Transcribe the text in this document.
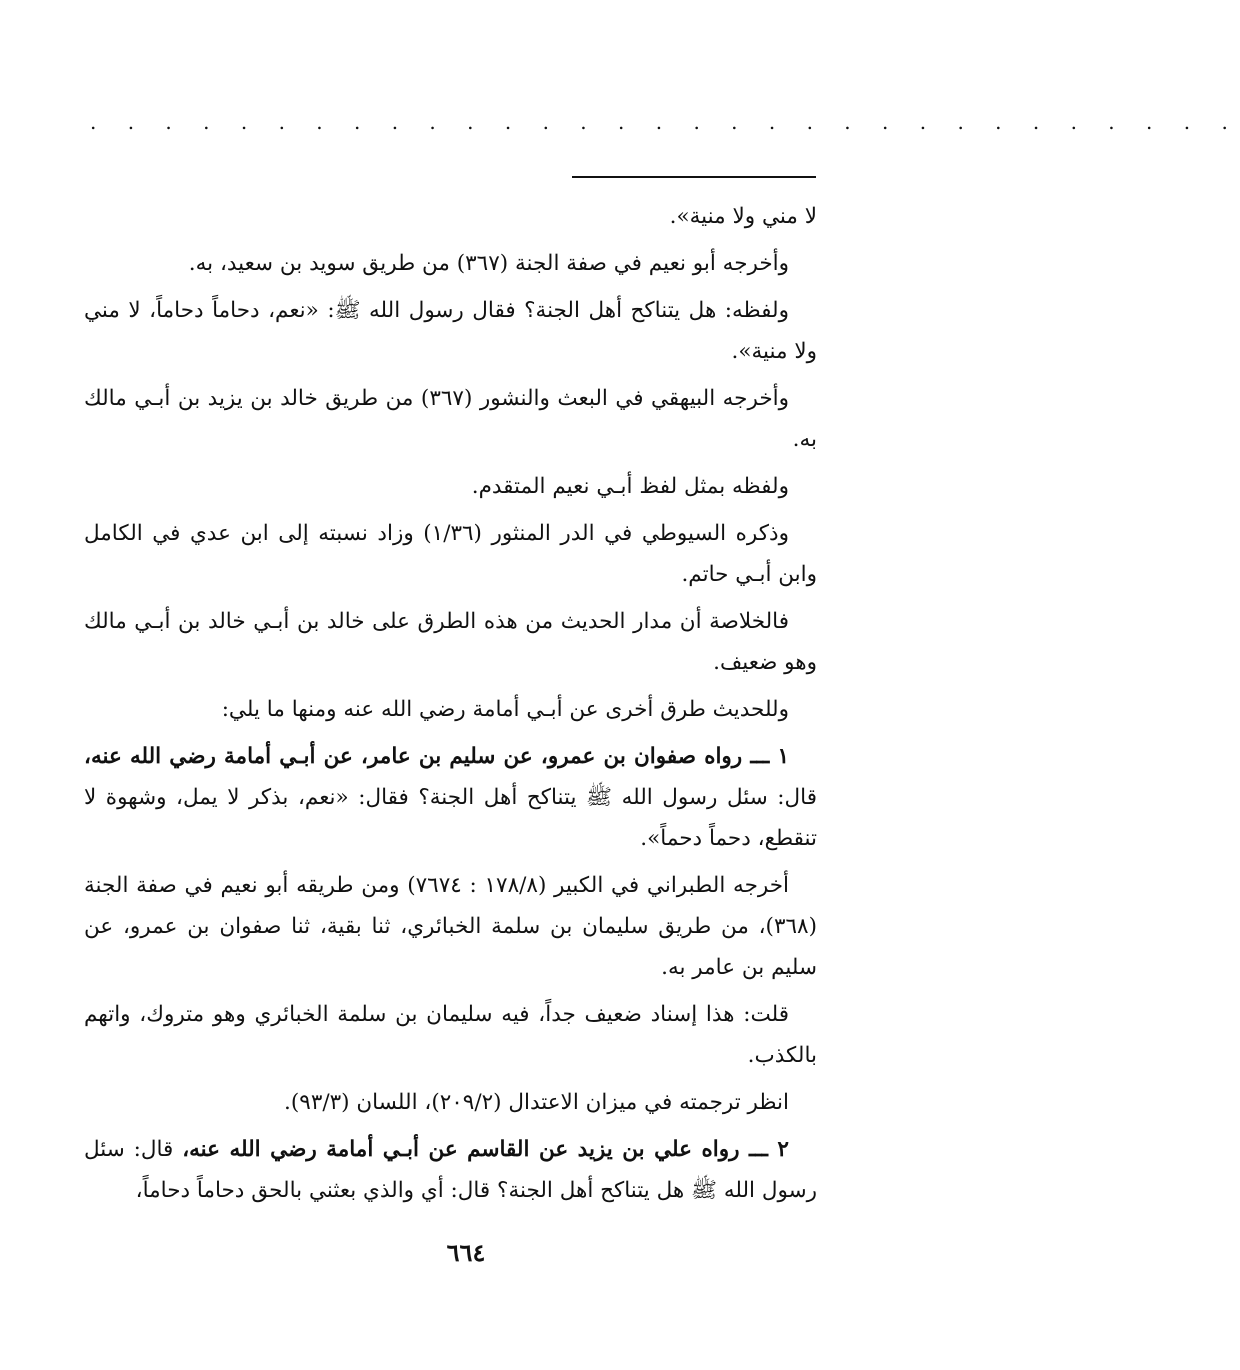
. . . . . . . . . . . . . . . . . . . . . . . . . . . . . . .

لا مني ولا منية».

وأخرجه أبو نعيم في صفة الجنة (٣٦٧) من طريق سويد بن سعيد، به.

ولفظه: هل يتناكح أهل الجنة؟ فقال رسول الله ﷺ: «نعم، دحاماً دحاماً، لا مني ولا منية».

وأخرجه البيهقي في البعث والنشور (٣٦٧) من طريق خالد بن يزيد بن أبـي مالك به.

ولفظه بمثل لفظ أبـي نعيم المتقدم.

وذكره السيوطي في الدر المنثور (١/٣٦) وزاد نسبته إلى ابن عدي في الكامل وابن أبـي حاتم.

فالخلاصة أن مدار الحديث من هذه الطرق على خالد بن أبـي خالد بن أبـي مالك وهو ضعيف.

وللحديث طرق أخرى عن أبـي أمامة رضي الله عنه ومنها ما يلي:

١ ـــ رواه صفوان بن عمرو، عن سليم بن عامر، عن أبـي أمامة رضي الله عنه، قال: سئل رسول الله ﷺ يتناكح أهل الجنة؟ فقال: «نعم، بذكر لا يمل، وشهوة لا تنقطع، دحماً دحماً».

أخرجه الطبراني في الكبير (١٧٨/٨ : ٧٦٧٤) ومن طريقه أبو نعيم في صفة الجنة (٣٦٨)، من طريق سليمان بن سلمة الخبائري، ثنا بقية، ثنا صفوان بن عمرو، عن سليم بن عامر به.

قلت: هذا إسناد ضعيف جداً، فيه سليمان بن سلمة الخبائري وهو متروك، واتهم بالكذب.

انظر ترجمته في ميزان الاعتدال (٢٠٩/٢)، اللسان (٩٣/٣).

٢ ـــ رواه علي بن يزيد عن القاسم عن أبـي أمامة رضي الله عنه، قال: سئل رسول الله ﷺ هل يتناكح أهل الجنة؟ قال: أي والذي بعثني بالحق دحاماً دحاماً،

٦٦٤
